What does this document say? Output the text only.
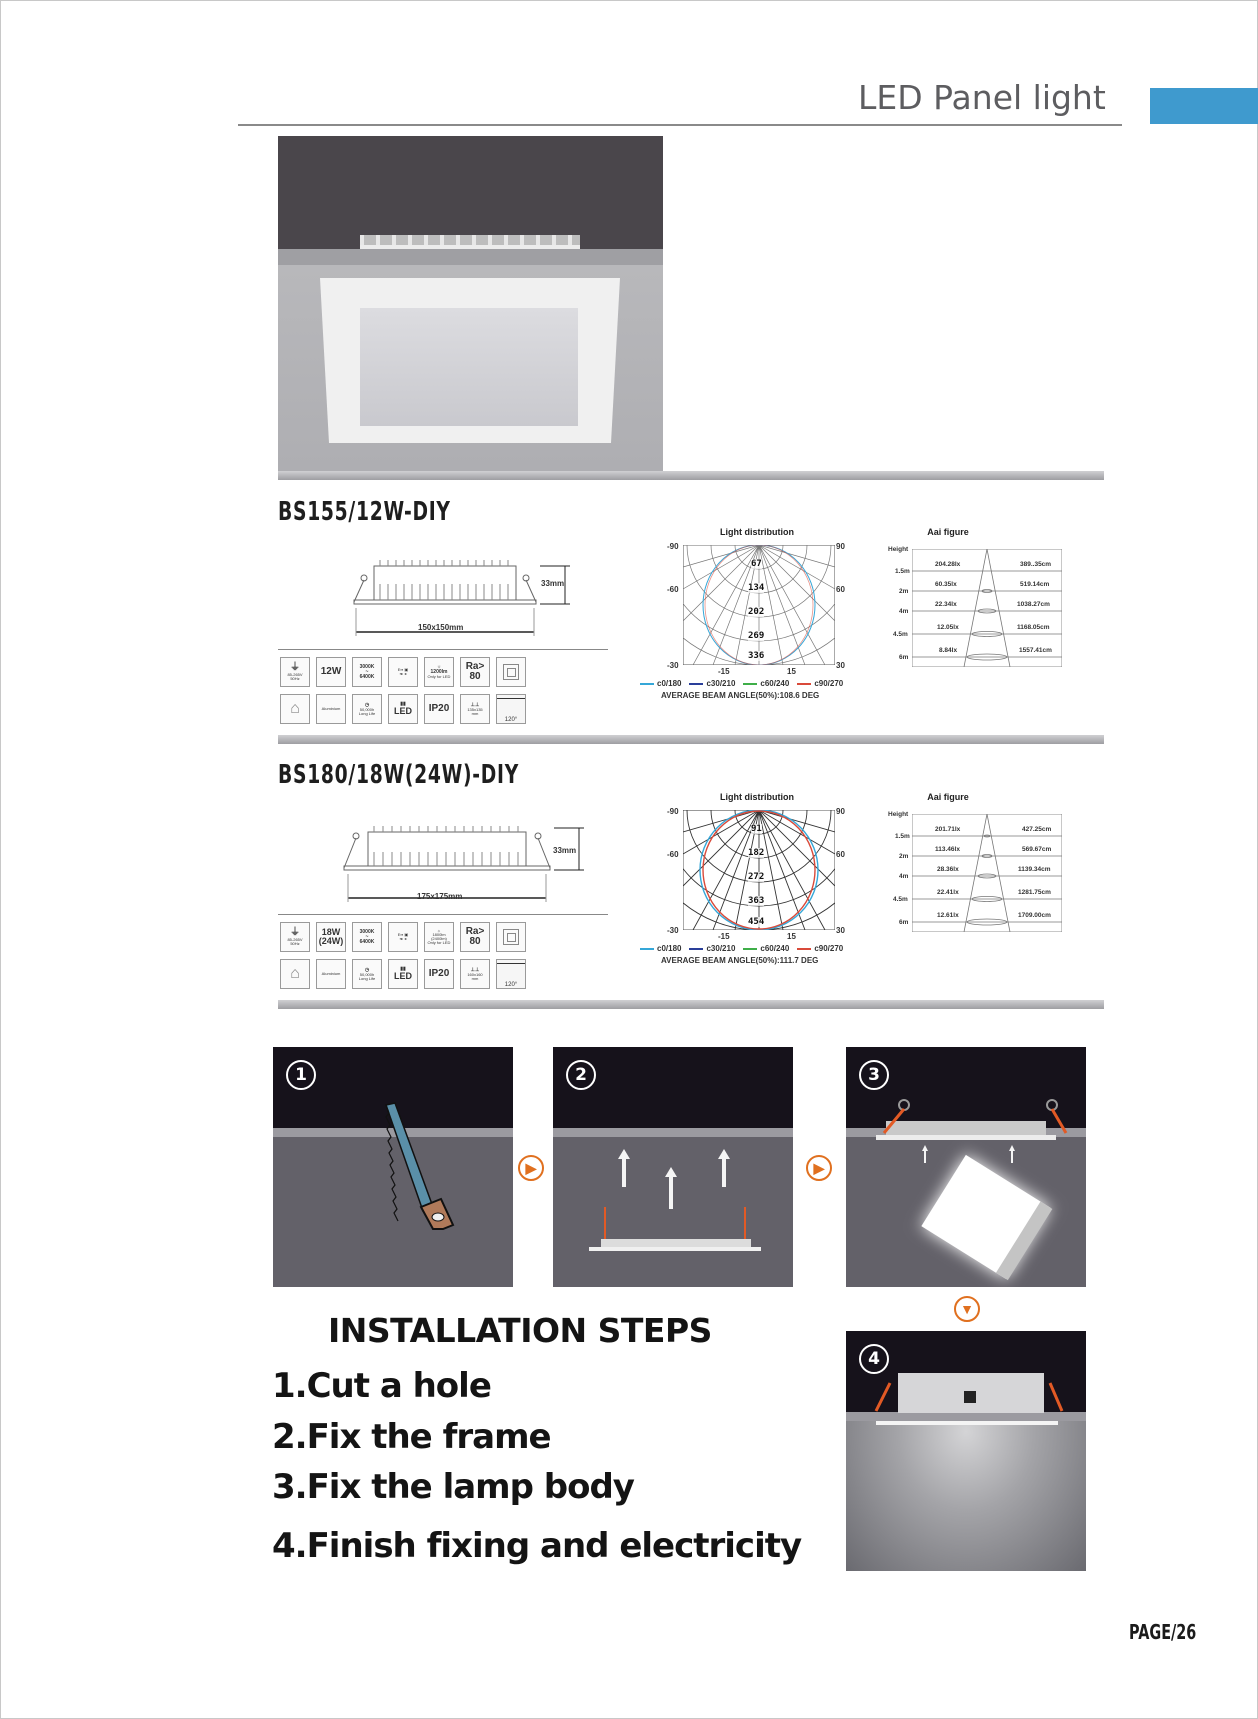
LED Panel light
BS155/12W-DIY
33mm
150x150mm
⏚
85-265V
50Hz
12W	3000K
~
6400K
E▪▪ ▣
▪▸ ◂
☼
1200lm
Only for LED
Ra>
80
⌂	Aluminium
◷
50,000h
Long Life
▮▮
LED IP20	⊥⊥
135x135
mm
120°
Light distribution
-90
-60
-30
90
60
30
-15	15
67
134
202
269
336
c0/180	c30/210	c60/240	c90/270
AVERAGE BEAM ANGLE(50%):108.6 DEG
Aai figure
Height
1.5m
204.28lx	389..35cm
2m
60.35lx	519.14cm
4m
22.34lx	1038.27cm
4.5m
12.05lx	1168.05cm
6m
8.84lx	1557.41cm
BS180/18W(24W)-DIY
33mm
175x175mm
⏚
85-265V
50Hz
18W
(24W)
3000K
~
6400K
E▪▪ ▣
▪▸ ◂
☼
1800lm
(2400lm)
Only for LED
Ra>
80
⌂	Aluminium
◷
50,000h
Long Life
▮▮
LED IP20	⊥⊥
160x160
mm
120°
Light distribution
-90
-60
-30
90
60
30
-15	15
91
182
272
363
454
c0/180	c30/210	c60/240	c90/270
AVERAGE BEAM ANGLE(50%):111.7 DEG
Aai figure
Height
1.5m
201.71lx	427.25cm
2m
113.46lx	569.67cm
4m
28.36lx	1139.34cm
4.5m
22.41lx	1281.75cm
6m
12.61lx	1709.00cm
1
▶
2
▶
3
▼
4
INSTALLATION STEPS
1.Cut a hole
2.Fix the frame
3.Fix the lamp body
4.Finish fixing and electricity
PAGE/26
